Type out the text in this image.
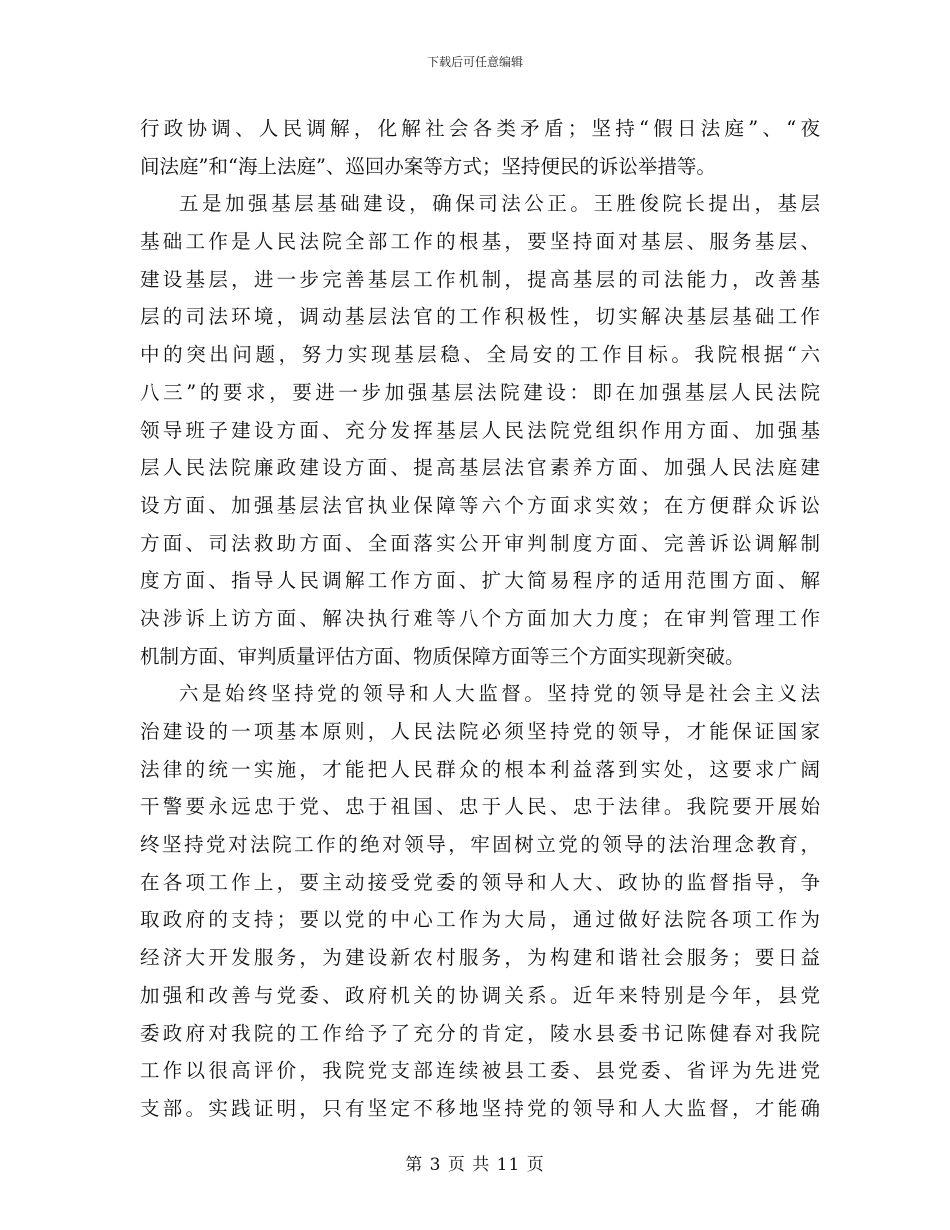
下载后可任意编辑
行政协调、人民调解，化解社会各类矛盾；坚持“假日法庭”、“夜
间法庭”和“海上法庭”、巡回办案等方式；坚持便民的诉讼举措等。
五是加强基层基础建设，确保司法公正。王胜俊院长提出，基层
基础工作是人民法院全部工作的根基，要坚持面对基层、服务基层、
建设基层，进一步完善基层工作机制，提高基层的司法能力，改善基
层的司法环境，调动基层法官的工作积极性，切实解决基层基础工作
中的突出问题，努力实现基层稳、全局安的工作目标。我院根据“六
八三”的要求，要进一步加强基层法院建设：即在加强基层人民法院
领导班子建设方面、充分发挥基层人民法院党组织作用方面、加强基
层人民法院廉政建设方面、提高基层法官素养方面、加强人民法庭建
设方面、加强基层法官执业保障等六个方面求实效；在方便群众诉讼
方面、司法救助方面、全面落实公开审判制度方面、完善诉讼调解制
度方面、指导人民调解工作方面、扩大简易程序的适用范围方面、解
决涉诉上访方面、解决执行难等八个方面加大力度；在审判管理工作
机制方面、审判质量评估方面、物质保障方面等三个方面实现新突破。
六是始终坚持党的领导和人大监督。坚持党的领导是社会主义法
治建设的一项基本原则，人民法院必须坚持党的领导，才能保证国家
法律的统一实施，才能把人民群众的根本利益落到实处，这要求广阔
干警要永远忠于党、忠于祖国、忠于人民、忠于法律。我院要开展始
终坚持党对法院工作的绝对领导，牢固树立党的领导的法治理念教育，
在各项工作上，要主动接受党委的领导和人大、政协的监督指导，争
取政府的支持；要以党的中心工作为大局，通过做好法院各项工作为
经济大开发服务，为建设新农村服务，为构建和谐社会服务；要日益
加强和改善与党委、政府机关的协调关系。近年来特别是今年，县党
委政府对我院的工作给予了充分的肯定，陵水县委书记陈健春对我院
工作以很高评价，我院党支部连续被县工委、县党委、省评为先进党
支部。实践证明，只有坚定不移地坚持党的领导和人大监督，才能确
第 3 页 共 11 页
